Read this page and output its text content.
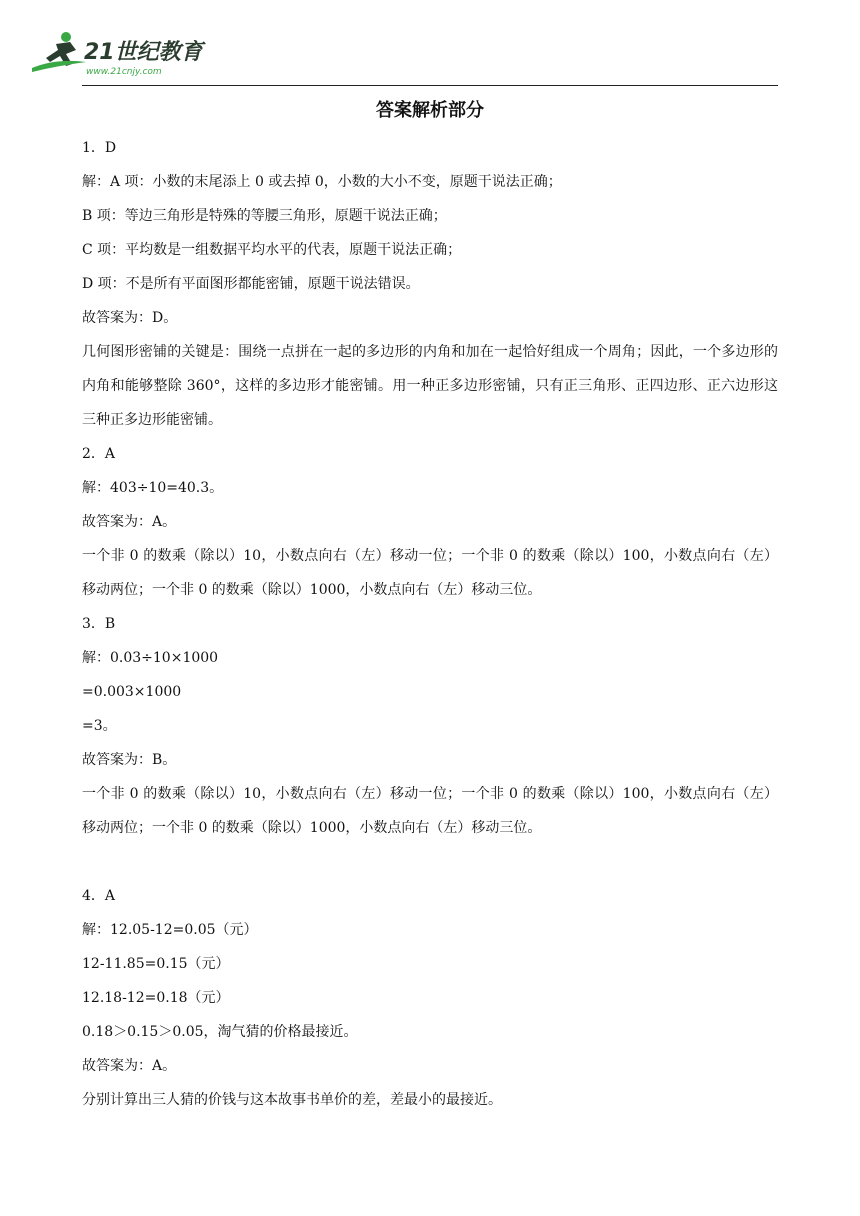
21世纪教育
www.21cnjy.com
答案解析部分
1．D
解：A 项：小数的末尾添上 0 或去掉 0，小数的大小不变，原题干说法正确；
B 项：等边三角形是特殊的等腰三角形，原题干说法正确；
C 项：平均数是一组数据平均水平的代表，原题干说法正确；
D 项：不是所有平面图形都能密铺，原题干说法错误。
故答案为：D。
几何图形密铺的关键是：围绕一点拼在一起的多边形的内角和加在一起恰好组成一个周角；因此，一个多边形的内角和能够整除 360°，这样的多边形才能密铺。用一种正多边形密铺，只有正三角形、正四边形、正六边形这三种正多边形能密铺。
2．A
解：403÷10=40.3。
故答案为：A。
一个非 0 的数乘（除以）10，小数点向右（左）移动一位；一个非 0 的数乘（除以）100，小数点向右（左）移动两位；一个非 0 的数乘（除以）1000，小数点向右（左）移动三位。
3．B
解：0.03÷10×1000
=0.003×1000
=3。
故答案为：B。
一个非 0 的数乘（除以）10，小数点向右（左）移动一位；一个非 0 的数乘（除以）100，小数点向右（左）移动两位；一个非 0 的数乘（除以）1000，小数点向右（左）移动三位。
4．A
解：12.05-12=0.05（元）
12-11.85=0.15（元）
12.18-12=0.18（元）
0.18＞0.15＞0.05，淘气猜的价格最接近。
故答案为：A。
分别计算出三人猜的价钱与这本故事书单价的差，差最小的最接近。
